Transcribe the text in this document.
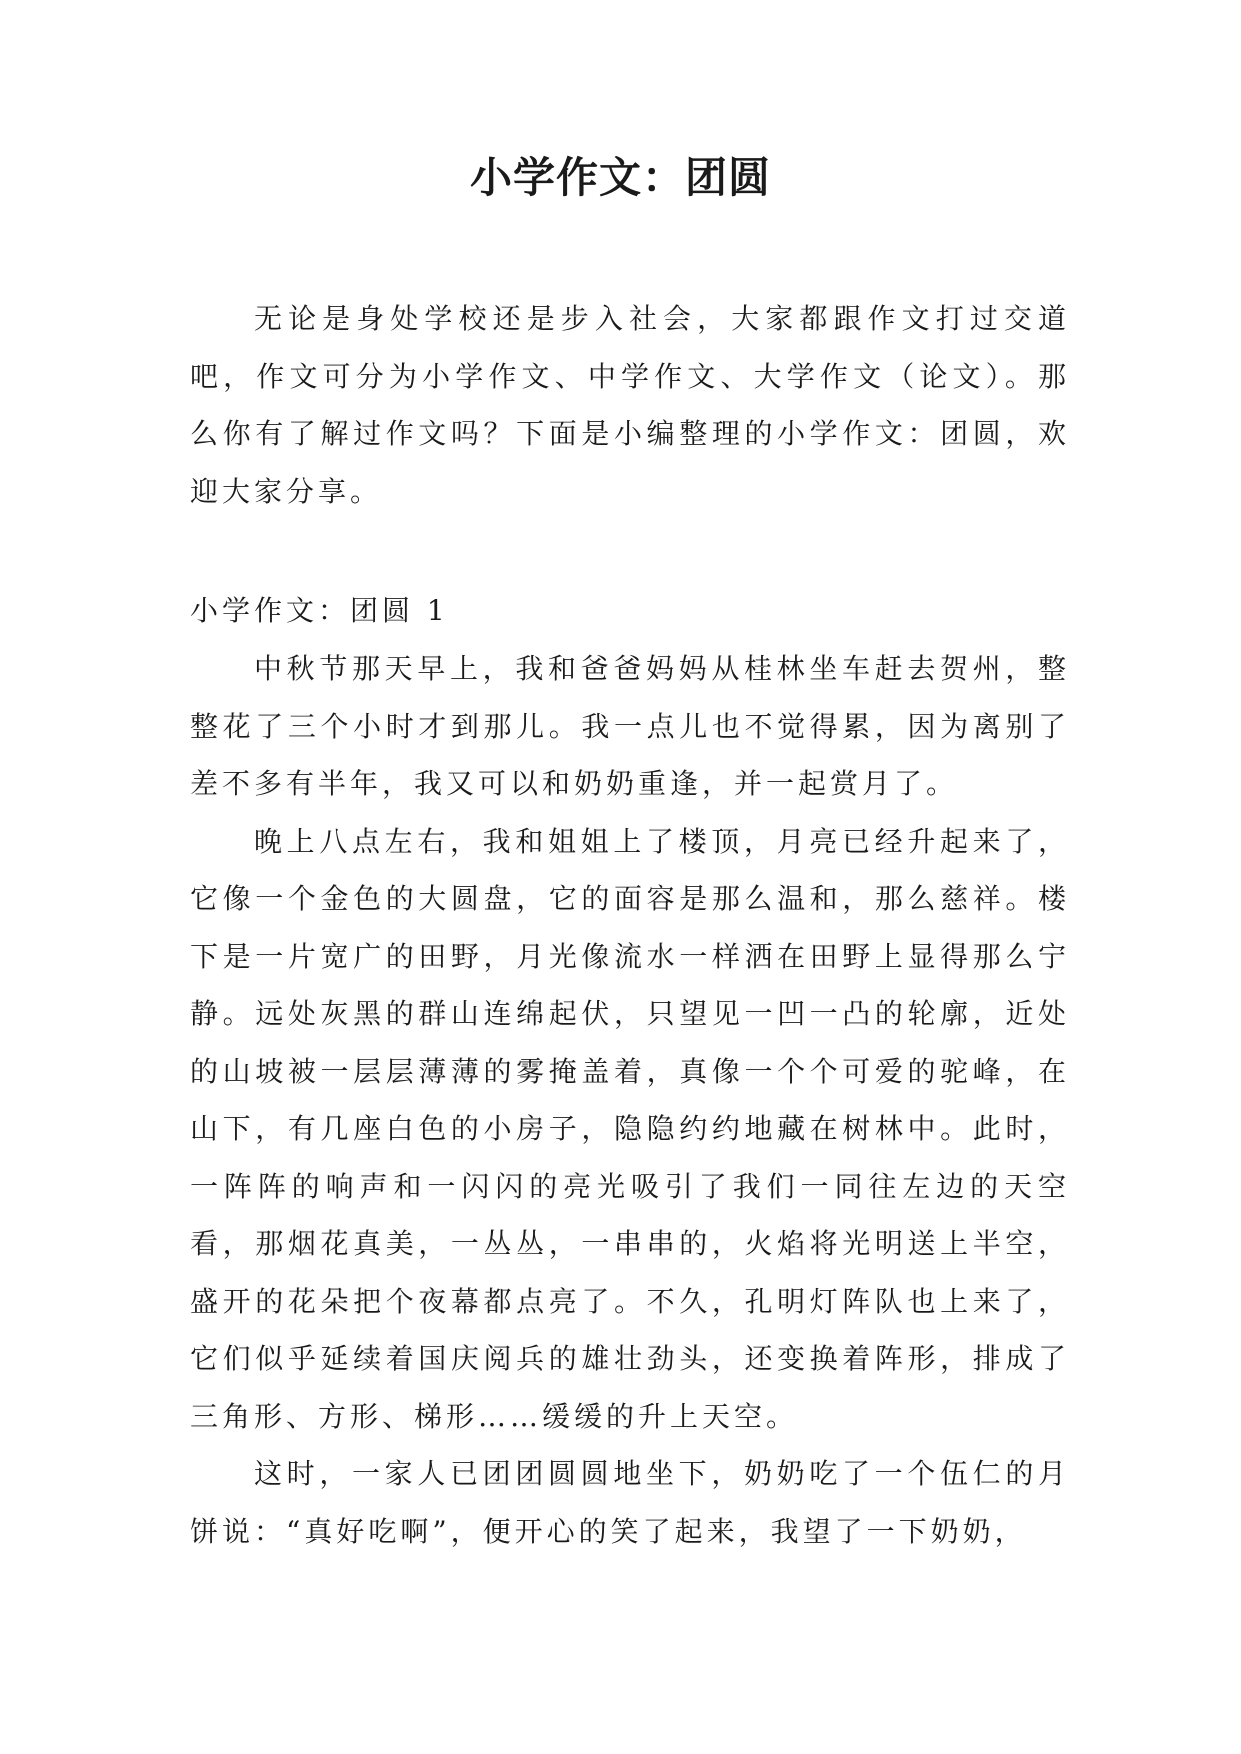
小学作文：团圆

无论是身处学校还是步入社会，大家都跟作文打过交道吧，作文可分为小学作文、中学作文、大学作文（论文）。那么你有了解过作文吗？下面是小编整理的小学作文：团圆，欢迎大家分享。

小学作文：团圆 1

中秋节那天早上，我和爸爸妈妈从桂林坐车赶去贺州，整整花了三个小时才到那儿。我一点儿也不觉得累，因为离别了差不多有半年，我又可以和奶奶重逢，并一起赏月了。

晚上八点左右，我和姐姐上了楼顶，月亮已经升起来了，它像一个金色的大圆盘，它的面容是那么温和，那么慈祥。楼下是一片宽广的田野，月光像流水一样洒在田野上显得那么宁静。远处灰黑的群山连绵起伏，只望见一凹一凸的轮廓，近处的山坡被一层层薄薄的雾掩盖着，真像一个个可爱的驼峰，在山下，有几座白色的小房子，隐隐约约地藏在树林中。此时，一阵阵的响声和一闪闪的亮光吸引了我们一同往左边的天空看，那烟花真美，一丛丛，一串串的，火焰将光明送上半空，盛开的花朵把个夜幕都点亮了。不久，孔明灯阵队也上来了，它们似乎延续着国庆阅兵的雄壮劲头，还变换着阵形，排成了三角形、方形、梯形……缓缓的升上天空。

这时，一家人已团团圆圆地坐下，奶奶吃了一个伍仁的月饼说：“真好吃啊”，便开心的笑了起来，我望了一下奶奶，
